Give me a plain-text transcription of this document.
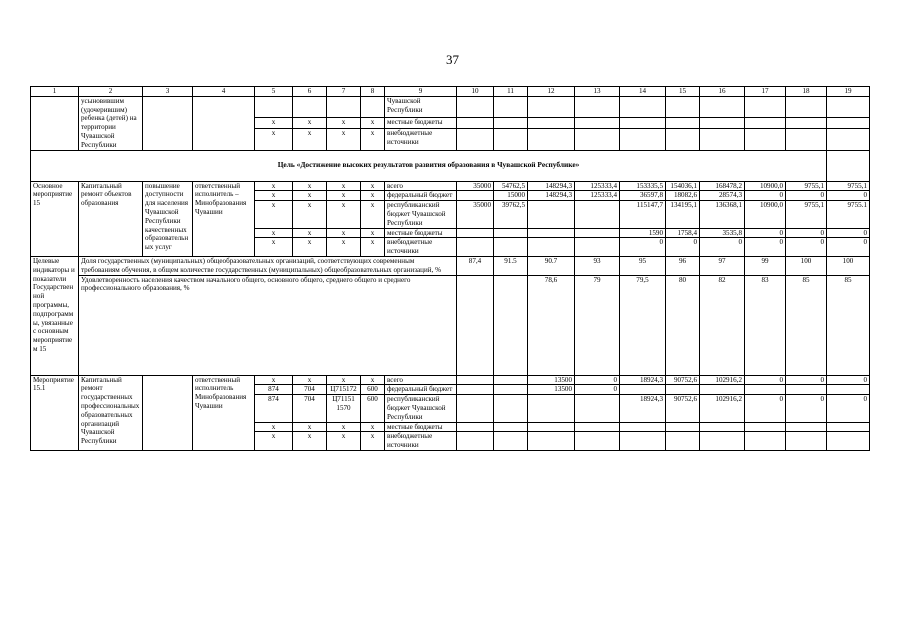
37
1	2	3	4	5	6	7	8	9	10	11	12	13	14	15	16	17	18	19
	усыновившим (удочерившим) ребенка (детей) на территории Чувашской Республики							Чувашской Республики										
				x	x	x	x	местные бюджеты										
				x	x	x	x	внебюджетные источники										
Цель «Достижение высоких результатов развития образования в Чувашской Республике»																		
Основное мероприятие 15	Капитальный ремонт объектов образования	повышение доступности для населения Чувашской Республики качественных образовательных услуг	ответственный исполнитель – Минобразования Чувашии	x	x	x	x	всего	35000	54762,5	148294,3	125333,4	153335,5	154036,1	168478,2	10900,0	9755,1	9755,1
				x	x	x	x	федеральный бюджет		15000	148294,3	125333,4	36597,8	18082,6	28574,3	0	0	0
				x	x	x	x	республиканский бюджет Чувашской Республики	35000	39762,5			115147,7	134195,1	136368,1	10900,0	9755,1	9755.1
				x	x	x	x	местные бюджеты					1590	1758,4	3535,8	0	0	0
				x	x	x	x	внебюджетные источники					0	0	0	0	0	0
Целевые индикаторы и показатели Государственной программы, подпрограммы, увязанные с основным мероприятием 15	Доля государственных (муниципальных) общеобразовательных организаций, соответствующих современным требованиям обучения, в общем количестве государственных (муниципальных) общеобразовательных организаций, %								87,4	91.5	90.7	93	95	96	97	99	100	100
	Удовлетворенность населения качеством начального общего, основного общего, среднего общего и среднего профессионального образования, %										78,6	79	79,5	80	82	83	85	85
Мероприятие 15.1	Капитальный ремонт государственных профессиональных образовательных организаций Чувашской Республики		ответственный исполнитель Минобразования Чувашии	x	x	x	x	всего			13500	0	18924,3	90752,6	102916,2	0	0	0
				874	704	Ц715172	600	федеральный бюджет			13500	0						
				874	704	Ц71151 1570	600	республиканский бюджет Чувашской Республики					18924,3	90752,6	102916,2	0	0	0
				x	x	x	x	местные бюджеты										
				x	x	x	x	внебюджетные источники										
